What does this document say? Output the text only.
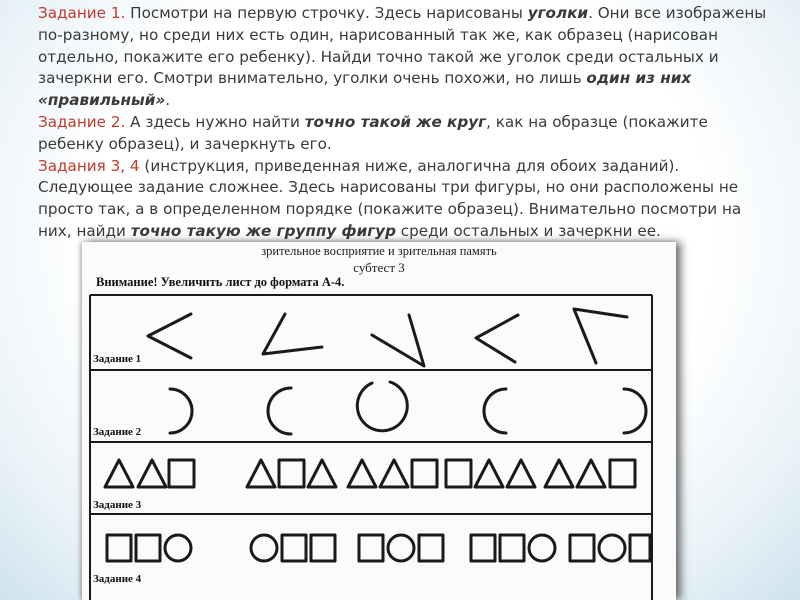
Задание 1. Посмотри на первую строчку. Здесь нарисованы уголки. Они все изображены по-разному, но среди них есть один, нарисованный так же, как образец (нарисован отдельно, покажите его ребенку). Найди точно такой же уголок среди остальных и зачеркни его. Смотри внимательно, уголки очень похожи, но лишь один из них «правильный».
Задание 2. А здесь нужно найти точно такой же круг, как на образце (покажите ребенку образец), и зачеркнуть его.
Задания 3, 4 (инструкция, приведенная ниже, аналогична для обоих заданий). Следующее задание сложнее. Здесь нарисованы три фигуры, но они расположены не просто так, а в определенном порядке (покажите образец). Внимательно посмотри на них, найди точно такую же группу фигур среди остальных и зачеркни ее.
зрительное восприятие и зрительная память
субтест 3
Внимание! Увеличить лист до формата А-4.
Задание 1
Задание 2
Задание 3
Задание 4
